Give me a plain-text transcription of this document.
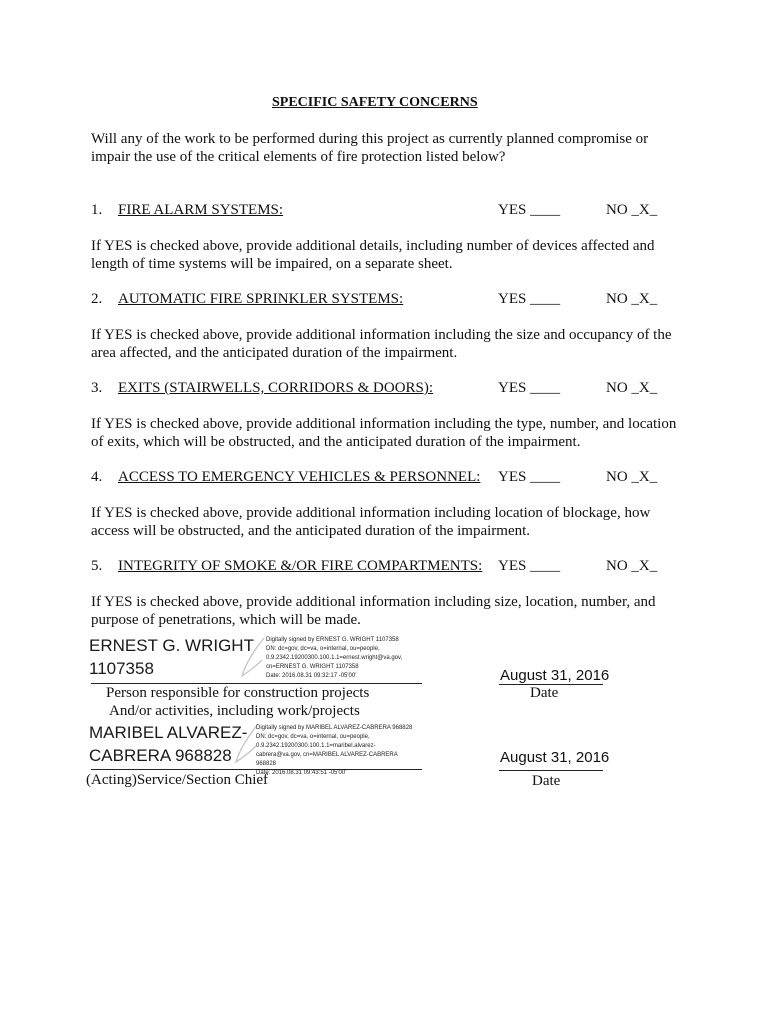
SPECIFIC SAFETY CONCERNS
Will any of the work to be performed during this project as currently planned compromise or impair the use of the critical elements of fire protection listed below?
1. FIRE ALARM SYSTEMS:	YES ____	NO _X_
If YES is checked above, provide additional details, including number of devices affected and length of time systems will be impaired, on a separate sheet.
2. AUTOMATIC FIRE SPRINKLER SYSTEMS:	YES ____	NO _X_
If YES is checked above, provide additional information including the size and occupancy of the area affected, and the anticipated duration of the impairment.
3. EXITS (STAIRWELLS, CORRIDORS & DOORS):	YES ____	NO _X_
If YES is checked above, provide additional information including the type, number, and location of exits, which will be obstructed, and the anticipated duration of the impairment.
4. ACCESS TO EMERGENCY VEHICLES & PERSONNEL: YES ____	NO _X_
If YES is checked above, provide additional information including location of blockage, how access will be obstructed, and the anticipated duration of the impairment.
5. INTEGRITY OF SMOKE &/OR FIRE COMPARTMENTS: YES ____	NO _X_
If YES is checked above, provide additional information including size, location, number, and purpose of penetrations, which will be made.
ERNEST G. WRIGHT
1107358
Digitally signed by ERNEST G. WRIGHT 1107358
DN: dc=gov, dc=va, o=internal, ou=people,
0.9.2342.19200300.100.1.1=ernest.wright@va.gov,
cn=ERNEST G. WRIGHT 1107358
Date: 2016.08.31 09:32:17 -05'00'
Person responsible for construction projects
And/or activities, including work/projects
August 31, 2016
Date
MARIBEL ALVAREZ-
CABRERA 968828
Digitally signed by MARIBEL ALVAREZ-CABRERA 968828
DN: dc=gov, dc=va, o=internal, ou=people,
0.9.2342.19200300.100.1.1=maribel.alvarez-
cabrera@va.gov, cn=MARIBEL ALVAREZ-CABRERA 968828
Date: 2016.08.31 09:43:51 -05'00'
(Acting)Service/Section Chief
August 31, 2016
Date
